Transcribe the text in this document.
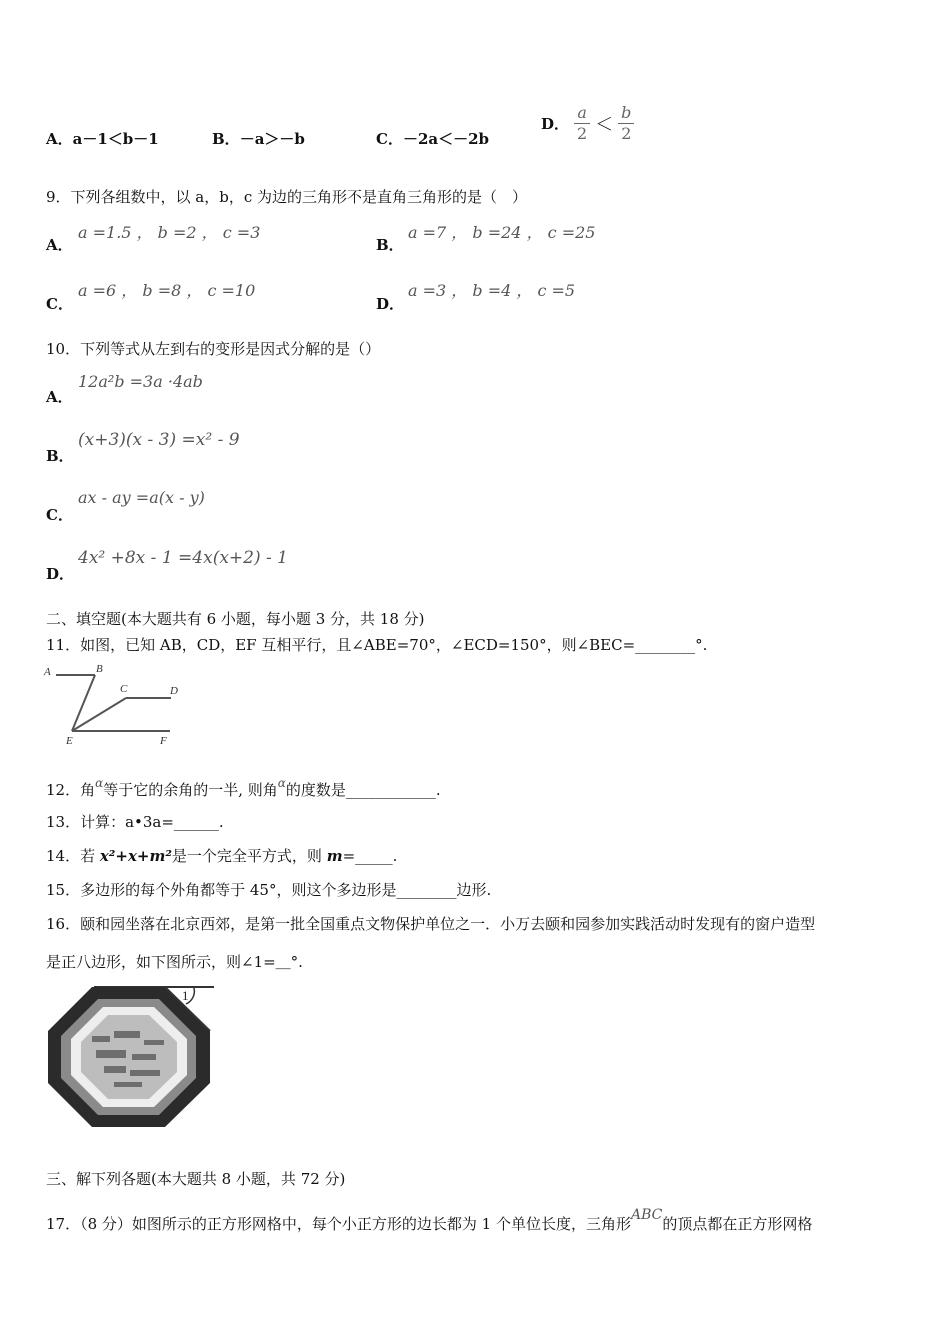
A．a－1＜b－1	B．－a＞－b	C．－2a＜－2b
D． $\frac{a}{2} < \frac{b}{2}$
9．下列各组数中，以 a，b，c 为边的三角形不是直角三角形的是（　）
A．
a =1.5 ， b =2 ， c =3
B．
a =7 ， b =24 ， c =25
C．
a =6 ， b =8 ， c =10
D．
a =3 ， b =4 ， c =5
10．下列等式从左到右的变形是因式分解的是（）
A．
12a²b =3a ·4ab
B．
(x+3)(x - 3) =x² - 9
C．
ax - ay =a(x - y)
D．
4x² +8x - 1 =4x(x+2) - 1
二、填空题(本大题共有 6 小题，每小题 3 分，共 18 分)
11．如图，已知 AB，CD，EF 互相平行，且∠ABE=70°，∠ECD=150°，则∠BEC=________°.
A	B
C	D
E	F
12．角$^\alpha$等于它的余角的一半, 则角$^\alpha$的度数是____________.
13．计算：a•3a=______.
14．若 x²+x+m²是一个完全平方式，则 m=_____.
15．多边形的每个外角都等于 45°，则这个多边形是________边形.
16．颐和园坐落在北京西郊，是第一批全国重点文物保护单位之一．小万去颐和园参加实践活动时发现有的窗户造型
是正八边形，如下图所示，则∠1=＿°.
1
三、解下列各题(本大题共 8 小题，共 72 分)
17．（8 分）如图所示的正方形网格中，每个小正方形的边长都为 1 个单位长度，三角形ABC的顶点都在正方形网格
